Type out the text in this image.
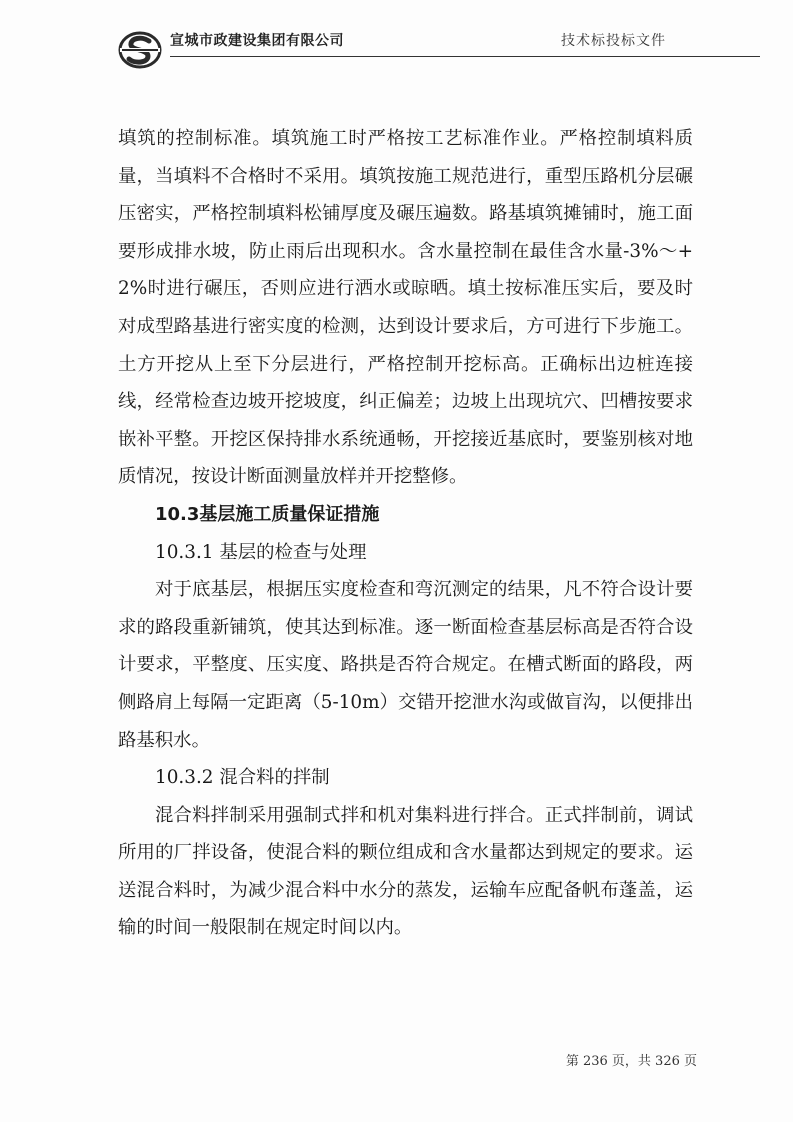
宣城市政建设集团有限公司	技术标投标文件

填筑的控制标准。填筑施工时严格按工艺标准作业。严格控制填料质量，当填料不合格时不采用。填筑按施工规范进行，重型压路机分层碾压密实，严格控制填料松铺厚度及碾压遍数。路基填筑摊铺时，施工面要形成排水坡，防止雨后出现积水。含水量控制在最佳含水量-3%～+2%时进行碾压，否则应进行洒水或晾晒。填土按标准压实后，要及时对成型路基进行密实度的检测，达到设计要求后，方可进行下步施工。土方开挖从上至下分层进行，严格控制开挖标高。正确标出边桩连接线，经常检查边坡开挖坡度，纠正偏差；边坡上出现坑穴、凹槽按要求嵌补平整。开挖区保持排水系统通畅，开挖接近基底时，要鉴别核对地质情况，按设计断面测量放样并开挖整修。

10.3基层施工质量保证措施

10.3.1 基层的检查与处理

对于底基层，根据压实度检查和弯沉测定的结果，凡不符合设计要求的路段重新铺筑，使其达到标准。逐一断面检查基层标高是否符合设计要求，平整度、压实度、路拱是否符合规定。在槽式断面的路段，两侧路肩上每隔一定距离（5-10m）交错开挖泄水沟或做盲沟，以便排出路基积水。

10.3.2 混合料的拌制

混合料拌制采用强制式拌和机对集料进行拌合。正式拌制前，调试所用的厂拌设备，使混合料的颗位组成和含水量都达到规定的要求。运送混合料时，为减少混合料中水分的蒸发，运输车应配备帆布蓬盖，运输的时间一般限制在规定时间以内。

第 236 页，共 326 页
